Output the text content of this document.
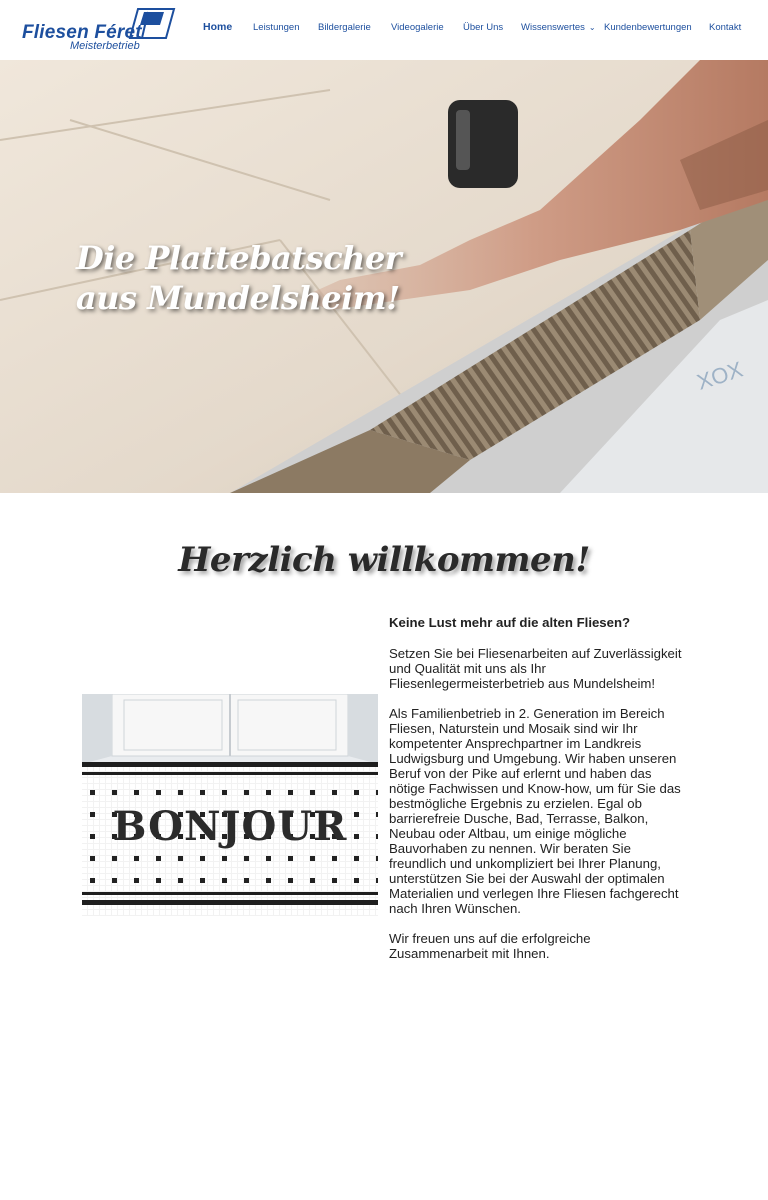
Fliesen Féret
Meisterbetrieb
Home Leistungen Bildergalerie Videogalerie Über Uns Wissenswertes ⌄ Kundenbewertungen Kontakt
XOX
Die Plattebatscher aus Mundelsheim!
Herzlich willkommen!
BONJOUR
Keine Lust mehr auf die alten Fliesen?

Setzen Sie bei Fliesenarbeiten auf Zuverlässigkeit und Qualität mit uns als Ihr Fliesenlegermeisterbetrieb aus Mundelsheim!

Als Familienbetrieb in 2. Generation im Bereich Fliesen, Naturstein und Mosaik sind wir Ihr kompetenter Ansprechpartner im Landkreis Ludwigsburg und Umgebung. Wir haben unseren Beruf von der Pike auf erlernt und haben das nötige Fachwissen und Know-how, um für Sie das bestmögliche Ergebnis zu erzielen. Egal ob barrierefreie Dusche, Bad, Terrasse, Balkon, Neubau oder Altbau, um einige mögliche Bauvorhaben zu nennen. Wir beraten Sie freundlich und unkompliziert bei Ihrer Planung, unterstützen Sie bei der Auswahl der optimalen Materialien und verlegen Ihre Fliesen fachgerecht nach Ihren Wünschen.

Wir freuen uns auf die erfolgreiche Zusammenarbeit mit Ihnen.
